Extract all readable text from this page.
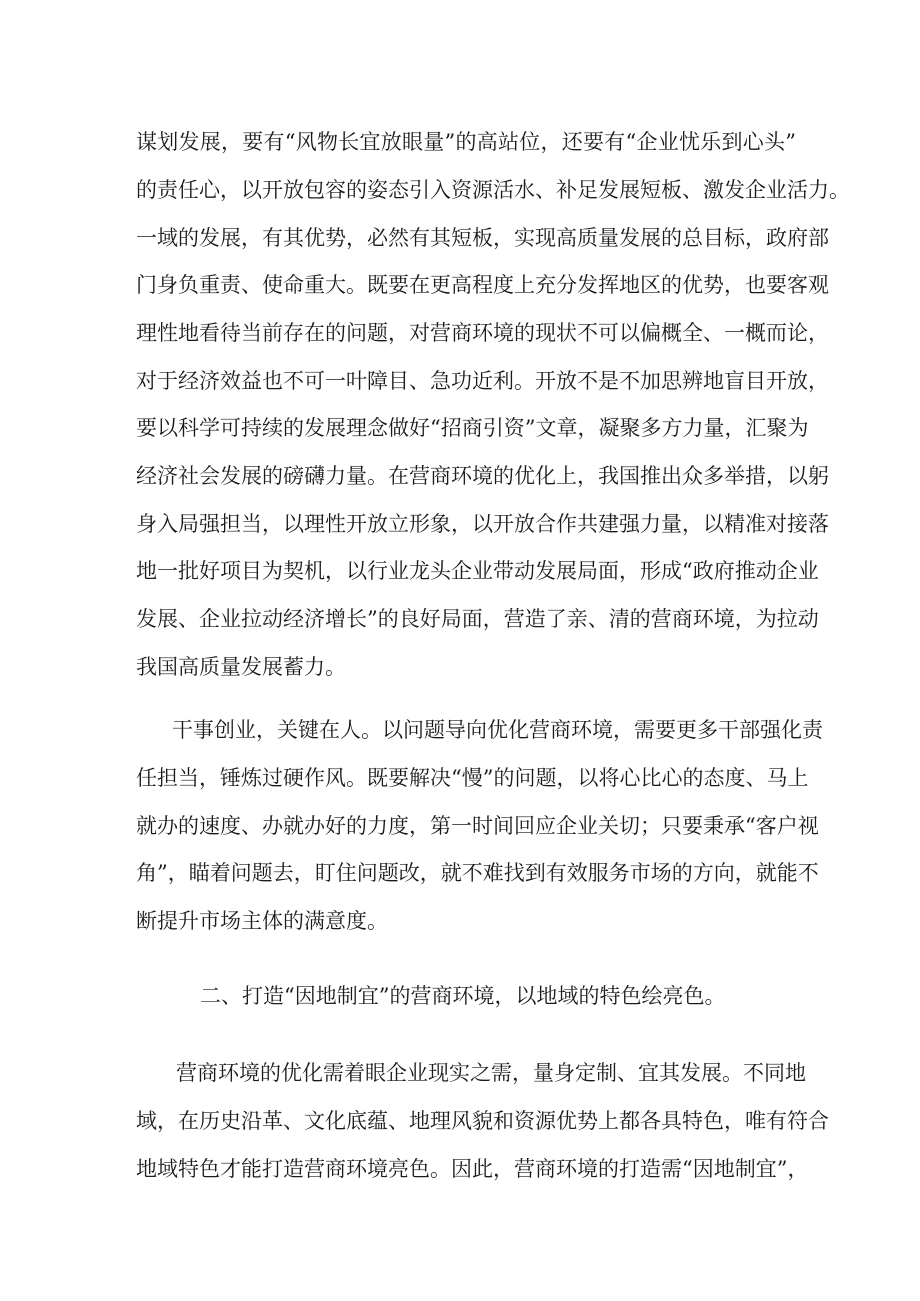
谋划发展，要有“风物长宜放眼量”的高站位，还要有“企业忧乐到心头”
的责任心，以开放包容的姿态引入资源活水、补足发展短板、激发企业活力。
一域的发展，有其优势，必然有其短板，实现高质量发展的总目标，政府部
门身负重责、使命重大。既要在更高程度上充分发挥地区的优势，也要客观
理性地看待当前存在的问题，对营商环境的现状不可以偏概全、一概而论，
对于经济效益也不可一叶障目、急功近利。开放不是不加思辨地盲目开放，
要以科学可持续的发展理念做好“招商引资”文章，凝聚多方力量，汇聚为
经济社会发展的磅礴力量。在营商环境的优化上，我国推出众多举措，以躬
身入局强担当，以理性开放立形象，以开放合作共建强力量，以精准对接落
地一批好项目为契机，以行业龙头企业带动发展局面，形成“政府推动企业
发展、企业拉动经济增长”的良好局面，营造了亲、清的营商环境，为拉动
我国高质量发展蓄力。
干事创业，关键在人。以问题导向优化营商环境，需要更多干部强化责
任担当，锤炼过硬作风。既要解决“慢”的问题，以将心比心的态度、马上
就办的速度、办就办好的力度，第一时间回应企业关切；只要秉承“客户视
角”，瞄着问题去，盯住问题改，就不难找到有效服务市场的方向，就能不
断提升市场主体的满意度。
二、打造“因地制宜”的营商环境，以地域的特色绘亮色。
营商环境的优化需着眼企业现实之需，量身定制、宜其发展。不同地
域，在历史沿革、文化底蕴、地理风貌和资源优势上都各具特色，唯有符合
地域特色才能打造营商环境亮色。因此，营商环境的打造需“因地制宜”，
